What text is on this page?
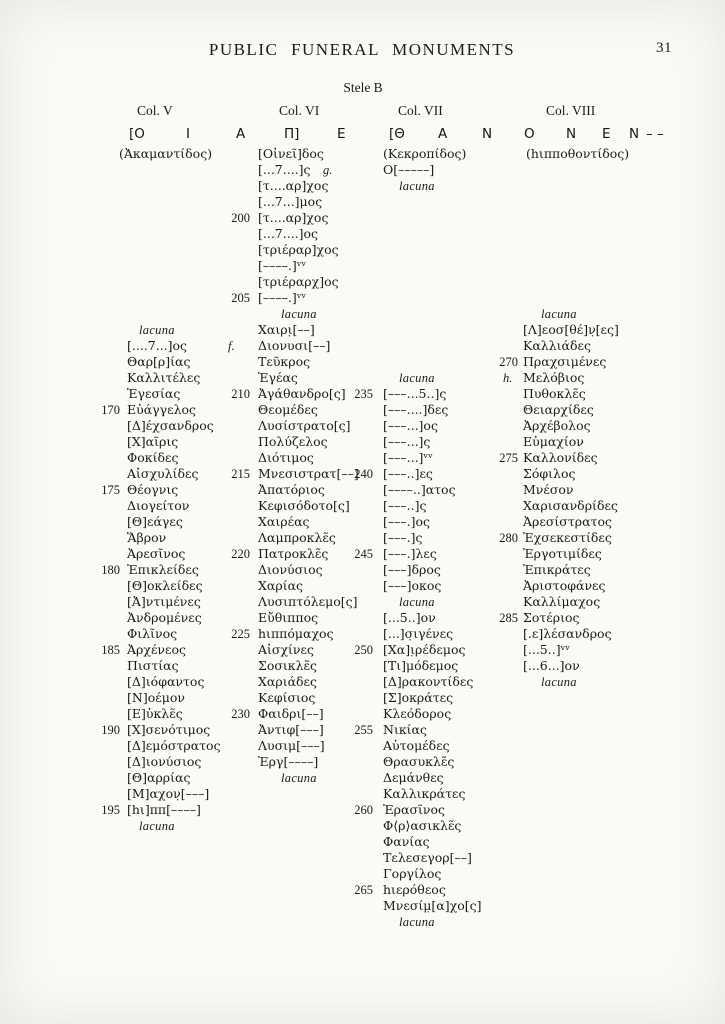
PUBLIC FUNERAL MONUMENTS	31
Stele B
[Ο	Ι	Α	Π]	Ε	[Θ Α	Ν Ο Ν Ε Ν – –
Col. V
(Ἀκαμαντίδος)
lacuna
[....7...]ος
Θαρ[ρ]ίας
Καλλιτέλες
Ἑγεσίας
170 Εὐάγγελος
[Δ]έχσανδρος
[Χ]αῖρις
Φοκίδες
Αἰσχυλίδες
175 Θέογνις
Διογείτον
[Θ]εάγες
Ἅβρον
Ἀρεσῖνος
180 Ἐπικλείδες
[Θ]οκλείδες
[Ἀ]ντιμένες
Ἀνδρομένες
Φιλῖνος
185 Ἀρχένεος
Πιστίας
[Δ]ιόφαντος
[Ν]οέμον
[Ε]ὐκλε̃ς
190 [Χ]σενότιμος
[Δ]εμόστρατος
[Δ]ιονύσιος
[Θ]αρρίας
[Μ]αχον̣[–––]
195 [hι]ππ[––––]
lacuna
Col. VI
[Οἰνεῖ]δος
[...7....]ς
[τ....αρ]χος
[...7...]μος
200 [τ....αρ]χος
[...7....]ος
[τριέραρ]χος
[––––.]ᵛᵛ
[τριέραρχ]ος
205 [––––.]ᵛᵛ
lacuna
Χαιρι̣[––]
f. Διονυσι[––]
Τεῦκρος
Ἑγέας
210 Ἀγάθανδρο[ς]
Θεομέδες
Λυσίστρατο[ς]
Πολύζελος
Διότιμος
215 Μνεσιστρατ[––]
Ἀπατόριος
Κεφισόδοτο[ς]
Χαιρέας
Λαμπροκλε̃ς
220 Πατροκλε̃ς
Διονύσιος
Χαρίας
Λυσιπτόλεμο[ς]
Εὔθιππος
225 hιππόμαχος
Αἰσχίνες
Σοσικλε̃ς
Χαριάδες
Κεφίσιος
230 Φαιδρι[––]
Ἀντιφ[–––]
Λυσιμ[–––]
Ἐργ[––––]
lacuna
Col. VII
(Κεκροπίδος)
g.	Ο[–––––]
lacuna
lacuna
235 [–––...5..]ς
[–––....]δες
[–––...]ος
[–––...]ς
[–––...]ᵛᵛ
240 [–––..]ες
[––––..]ατος
[–––..]ς
[–––.]ος
[–––.]ς
245 [–––.]λες
[–––]δρος
[–––]οκος
lacuna
[...5..]ον
[...]σ̣ιγένες
250 [Χα]ι̣ρέδεμος
[Τι]μόδεμος
[Δ]ρακοντίδες
[Σ]οκράτες
Κλεόδορος
255 Νικίας
Αὐτομέδες
Θρασυκλε̃ς
Δεμάνθες
Καλλικράτες
260 Ἐρασῖνος
Φ⟨ρ⟩ασικλε̃ς
Φανίας
Τελεσεγορ[––]
Γοργίλος
265 hιερόθεος
Μνεσίμ̣[α]χο[ς]
lacuna
Col. VIII
(hιπποθοντίδος)
lacuna
[Λ]εοσ[θέ]ν̣[ες]
Καλλιάδες
270 Πραχσιμένες
h. Μελόβιος
Πυθοκλε̃ς
Θειαρχίδες
Ἀρχέβολος
Εὐμαχίον
275 Καλλονίδες
Σόφιλος
Μνέσον
Χαρισανδρίδες
Ἀρεσίστρατος
280 Ἐχσεκεστίδες
Ἐργοτιμίδες
Ἐπικράτες
Ἀριστοφάνες
Καλλίμαχος
285 Σοτέριος
[.ε]λέσανδρος
[...5..]ᵛᵛ
[...6...]ον
lacuna
